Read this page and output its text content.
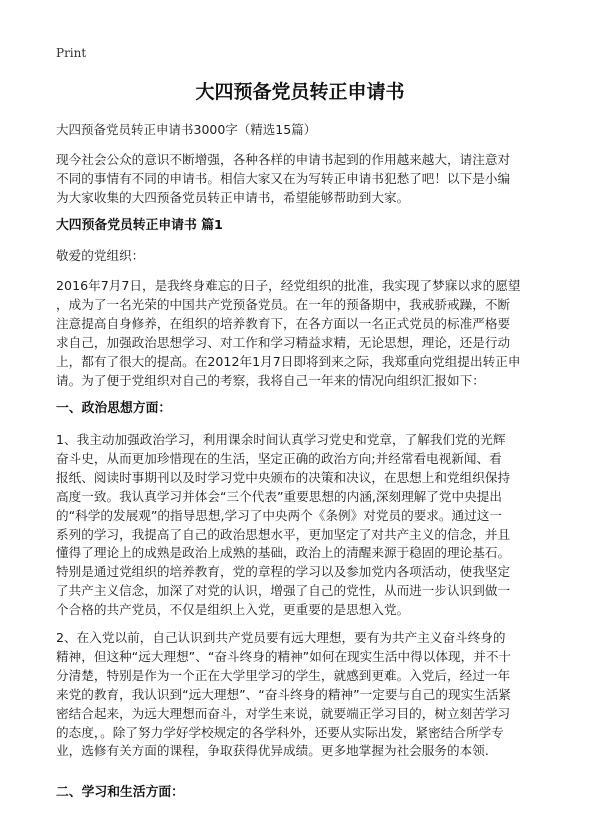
Print
大四预备党员转正申请书
大四预备党员转正申请书3000字（精选15篇）
现今社会公众的意识不断增强，各种各样的申请书起到的作用越来越大，请注意对
不同的事情有不同的申请书。相信大家又在为写转正申请书犯愁了吧！以下是小编
为大家收集的大四预备党员转正申请书，希望能够帮助到大家。
大四预备党员转正申请书 篇1
敬爱的党组织：
2016年7月7日，是我终身难忘的日子，经党组织的批准，我实现了梦寐以求的愿望
，成为了一名光荣的中国共产党预备党员。在一年的预备期中，我戒骄戒躁，不断
注意提高自身修养，在组织的培养教育下，在各方面以一名正式党员的标准严格要
求自己，加强政治思想学习、对工作和学习精益求精，无论思想，理论，还是行动
上，都有了很大的提高。在2012年1月7日即将到来之际，我郑重向党组提出转正申
请。为了便于党组织对自己的考察，我将自己一年来的情况向组织汇报如下：
一、政治思想方面：
1、我主动加强政治学习，利用课余时间认真学习党史和党章，了解我们党的光辉
奋斗史，从而更加珍惜现在的生活，坚定正确的政治方向;并经常看电视新闻、看
报纸、阅读时事期刊以及时学习党中央颁布的决策和决议，在思想上和党组织保持
高度一致。我认真学习并体会“三个代表”重要思想的内涵,深刻理解了党中央提出
的“科学的发展观”的指导思想,学习了中央两个《条例》对党员的要求。通过这一
系列的学习，我提高了自己的政治思想水平，更加坚定了对共产主义的信念，并且
懂得了理论上的成熟是政治上成熟的基础，政治上的清醒来源于稳固的理论基石。
特别是通过党组织的培养教育，党的章程的学习以及参加党内各项活动，使我坚定
了共产主义信念，加深了对党的认识，增强了自己的党性，从而进一步认识到做一
个合格的共产党员，不仅是组织上入党，更重要的是思想入党。
2、在入党以前，自己认识到共产党员要有远大理想，要有为共产主义奋斗终身的
精神，但这种“远大理想”、“奋斗终身的精神”如何在现实生活中得以体现，并不十
分清楚，特别是作为一个正在大学里学习的学生，就感到更难。入党后，经过一年
来党的教育，我认识到“远大理想”、“奋斗终身的精神”一定要与自己的现实生活紧
密结合起来，为远大理想而奋斗，对学生来说，就要端正学习目的，树立刻苦学习
的态度，。除了努力学好学校规定的各学科外，还要从实际出发，紧密结合所学专
业，选修有关方面的课程，争取获得优异成绩。更多地掌握为社会服务的本领.
二、学习和生活方面：
